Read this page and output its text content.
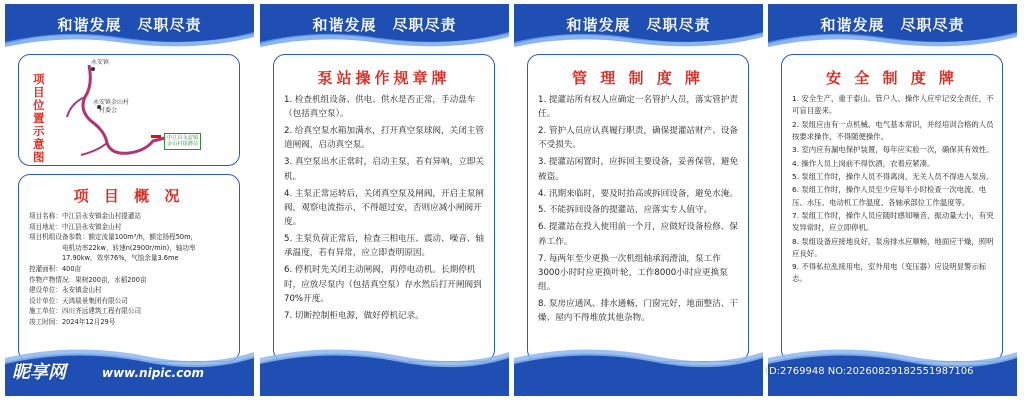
和谐发展　尽职尽责
项目位置示意图
永安镇
永安镇金山村
村委会
中江县永安镇
金山村提灌站
项 目 概 况
项目名称：中江县永安镇金山村提灌站
项目地址：中江县永安镇金山村
项目机组设备参数：额定流量100m³/h，额定扬程50m，
　　　　　电机功率22kw，转速n(2900r/min)，轴功率
　　　　　17.90kw，效率76%，气蚀余量3.6me
控灌面积：400亩
作物产物情况：果树200亩，水稻200亩
建设单位：永安镇金山村
设计单位：天鸿瑞景集团有限公司
施工单位：四川齐远建筑工程有限公司
竣工时间：2024年12月29号
和谐发展　尽职尽责
泵站操作规章牌
1. 检查机组设备、供电、供水是否正常，手动盘车（包括真空泵）。
2. 给真空泵水箱加满水，打开真空泵球阀，关闭主管道闸阀，启动真空泵。
3. 真空泵出水正常时，启动主泵，若有异响，立即关机。
4. 主泵正常运转后，关闭真空泵及闸阀，开启主泵闸阀，观察电流指示，不得超过安，否则应减小闸阀开度。
5. 主泵负荷正常后，检查三相电压、震动、噪音、轴承温度，若有异常，应立即查明原因。
6. 停机时先关闭主动闸阀，再停电动机。长期停机时，应放尽泵内（包括真空泵）存水然后打开闸阀到70%开度。
7. 切断控制柜电源，做好停机记录。
和谐发展　尽职尽责
管 理 制 度 牌
1. 提灌站所有权人应确定一名管护人员，落实管护责任。
2. 管护人员应认真履行职责，确保提灌站财产、设备不受损失。
3. 提灌站闲置时，应拆回主要设备，妥善保管，避免被盗。
4. 汛期来临时，要及时抬高或拆回设备，避免水淹。
5. 不能拆回设备的提灌站，应落实专人值守。
6. 提灌站在投入使用前一个月，应做好设备检修、保养工作。
7. 每两年至少更换一次机组轴承润滑油，泵工作3000小时时应更换叶轮，工作8000小时应更换泵组。
8. 泵房应通风、排水通畅，门窗完好，地面整洁、干燥、屋内不得堆放其他杂物。
和谐发展　尽职尽责
安 全 制 度 牌
1. 安全生产，重于泰山。管户人、操作人应牢记安全责任，不可盲目蛮来。
2. 泵组应由有一点机械、电气基本常识，并经培训合格的人员按要求操作，不得随便操作。
3. 室内应有漏电保护装置，每年应实验一次，确保其有效性。
4. 操作人员上岗前不得饮酒，衣着应紧凑。
5. 泵组工作时，操作人员不得离岗，无关人员不得进入泵房。
6. 泵组工作时，操作人员至少应每半小时检查一次电流、电压、水压、电动机工作温度、各轴承部位工作温度等。
7. 泵组工作时，操作人员应随时感知噪音、振动量大小，有突发异常时，应立即停机。
8. 泵组设备应接地良好，泵房排水应顺畅，地面应干燥，照明应良好。
9. 不得私拉乱接用电，室外用电（变压器）应设明显警示标志。
昵享网	www.nipic.com	ID:2769948 NO:20260829182551987106
